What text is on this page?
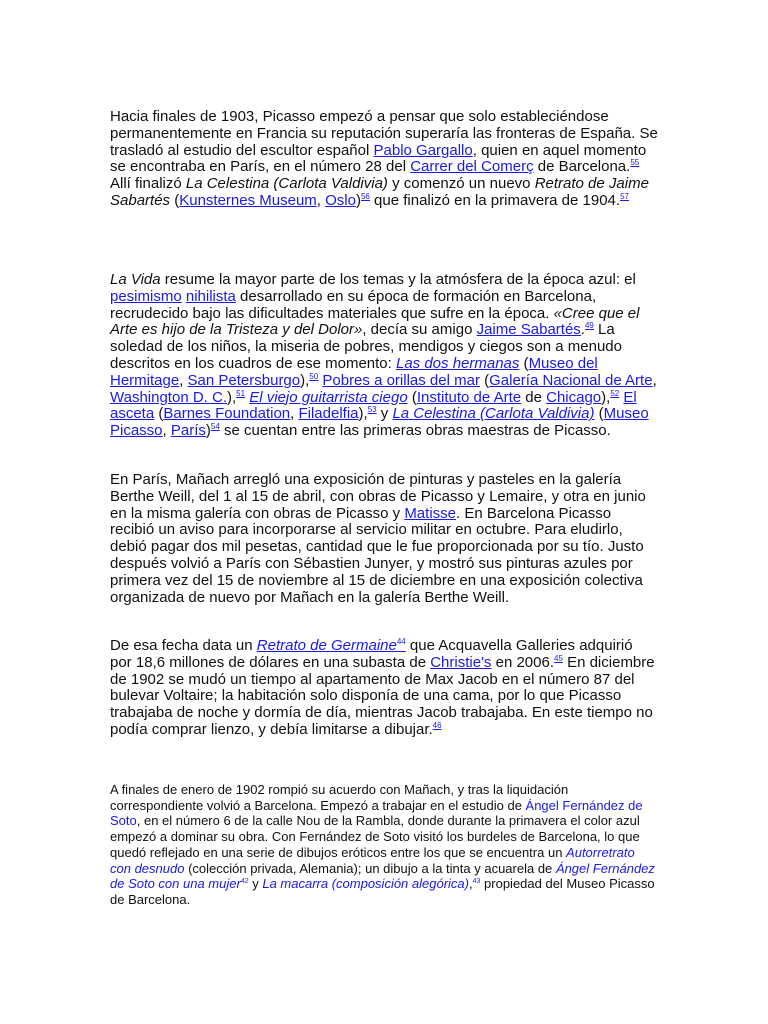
Hacia finales de 1903, Picasso empezó a pensar que solo estableciéndose permanentemente en Francia su reputación superaría las fronteras de España. Se trasladó al estudio del escultor español Pablo Gargallo, quien en aquel momento se encontraba en París, en el número 28 del Carrer del Comerç de Barcelona.$^{55}$ Allí finalizó La Celestina (Carlota Valdivia) y comenzó un nuevo Retrato de Jaime Sabartés (Kunsternes Museum, Oslo)$^{56}$ que finalizó en la primavera de 1904.57

La Vida resume la mayor parte de los temas y la atmósfera de la época azul: el pesimismo nihilista desarrollado en su época de formación en Barcelona, recrudecido bajo las dificultades materiales que sufre en la época. «Cree que el Arte es hijo de la Tristeza y del Dolor», decía su amigo Jaime Sabartés.$^{49}$ La soledad de los niños, la miseria de pobres, mendigos y ciegos son a menudo descritos en los cuadros de ese momento: Las dos hermanas (Museo del Hermitage, San Petersburgo),$^{50}$ Pobres a orillas del mar (Galería Nacional de Arte, Washington D. C.),$^{51}$ El viejo guitarrista ciego (Instituto de Arte de Chicago),$^{52}$ El asceta (Barnes Foundation, Filadelfia),$^{53}$ y La Celestina (Carlota Valdivia) (Museo Picasso, París)$^{54}$ se cuentan entre las primeras obras maestras de Picasso.

En París, Mañach arregló una exposición de pinturas y pasteles en la galería Berthe Weill, del 1 al 15 de abril, con obras de Picasso y Lemaire, y otra en junio en la misma galería con obras de Picasso y Matisse. En Barcelona Picasso recibió un aviso para incorporarse al servicio militar en octubre. Para eludirlo, debió pagar dos mil pesetas, cantidad que le fue proporcionada por su tío. Justo después volvió a París con Sébastien Junyer, y mostró sus pinturas azules por primera vez del 15 de noviembre al 15 de diciembre en una exposición colectiva organizada de nuevo por Mañach en la galería Berthe Weill.

De esa fecha data un Retrato de Germaine$^{44}$ que Acquavella Galleries adquirió por 18,6 millones de dólares en una subasta de Christie's en 2006.45 En diciembre de 1902 se mudó un tiempo al apartamento de Max Jacob en el número 87 del bulevar Voltaire; la habitación solo disponía de una cama, por lo que Picasso trabajaba de noche y dormía de día, mientras Jacob trabajaba. En este tiempo no podía comprar lienzo, y debía limitarse a dibujar.$^{46}$

A finales de enero de 1902 rompió su acuerdo con Mañach, y tras la liquidación correspondiente volvió a Barcelona. Empezó a trabajar en el estudio de Ángel Fernández de Soto, en el número 6 de la calle Nou de la Rambla, donde durante la primavera el color azul empezó a dominar su obra. Con Fernández de Soto visitó los burdeles de Barcelona, lo que quedó reflejado en una serie de dibujos eróticos entre los que se encuentra un Autorretrato con desnudo (colección privada, Alemania); un dibujo a la tinta y acuarela de Ángel Fernández de Soto con una mujer$^{42}$ y La macarra (composición alegórica),$^{43}$ propiedad del Museo Picasso de Barcelona.
